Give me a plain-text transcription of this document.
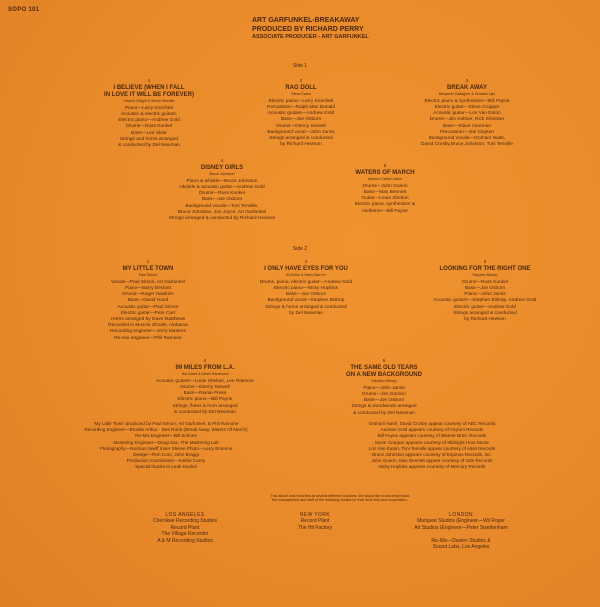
SOPO 101
ART GARFUNKEL-BREAKAWAY
PRODUCED BY RICHARD PERRY
ASSOCIATE PRODUCER - ART GARFUNKEL
Side 1
Side 2
1
I BELIEVE (WHEN I FALL
IN LOVE IT WILL BE FOREVER)
Yvonne Wright & Stevie Wonder
Piano—Larry Knechtel
Acoustic & electric guitars,
Electric piano—Andrew Gold
Drums—Russ Kunkel
Bass—Lee Sklar
Strings and horns arranged
& conducted by Del Newman
2
RAG DOLL
Steve Eaton
Electric piano—Larry Knechtel
Percussion—Ralph Mac Donald
Acoustic guitars—Andrew Gold
Bass—Joe Osborn
Drums—Denny Seiwell
Background vocal—John Jarvis
Strings arranged & conducted
by Richard Hewson
3
BREAK AWAY
Benjamin Gallagher & Graham Lyle
Electric piano & synthesizer—Bill Payne
Electric guitar—Steve Cropper
Acoustic guitar—Lon Van Eaton
Drums—Jim Keltner, Rick Shlosser
Bass—Klaus Voorman
Percussion—Joe Clayton
Background vocals—Graham Nash,
David Crosby,Bruce Johnston, Toni Tennille
4
DISNEY GIRLS
Bruce Johnston
Piano & whistle—Bruce Johnston
Ukelele & acoustic guitar—Andrew Gold
Drums—Russ Kunkel
Bass—Joe Osborn
Background vocals—Toni Tennille,
Bruce Johnston, Jon Joyce, Art Garfunkel
Strings arranged & conducted by Richard Hewson
5
WATERS OF MARCH
Antonio Carlos Jobim
Drums—John Guerin
Bass—Max Bennett
Guitar—Louie Shelton
Electric piano, synthesizer &
mellotron—Bill Payne
1
MY LITTLE TOWN
Paul Simon
Vocals—Paul Simon, Art Garfunkel
Piano—Barry Beckett
Drums—Roger Hawkins
Bass—David Hood
Acoustic guitar—Paul Simon
Electric guitar—Pete Carr
Horns arranged by Dave Matthews
Recorded in Muscle Shoals, Alabama
Recording engineer—Jerry Masters
Re-mix engineer—Phil Ramone
2
I ONLY HAVE EYES FOR YOU
Al Dubin & Harry Warren
Drums, piano, electric guitar—Andrew Gold
Electric piano—Nicky Hopkins
Bass—Joe Osborn
Background vocal—Stephen Bishop
Strings & horns arranged & conducted
by Del Newman
3
LOOKING FOR THE RIGHT ONE
Stephen Bishop
Drums—Russ Kunkel
Bass—Joe Osborn
Piano—John Jarvis
Acoustic guitars—Stephen Bishop, Andrew Gold
Electric guitar—Andrew Gold
Strings arranged & conducted
by Richard Hewson
4
99 MILES FROM L.A.
Hal David & Albert Hammond
Acoustic guitars—Louie Shelton, Lee Ritenour
Drums—Denny Seiwell
Bass—Reinie Press
Electric piano—Bill Payne
Strings, flutes & horn arranged
& conducted by Del Newman
5
THE SAME OLD TEARS
ON A NEW BACKGROUND
Stephen Bishop
Piano—John Jarvis
Drums—Jim Gordon
Bass—Joe Osborn
Strings & woodwinds arranged
& conducted by Del Newman
'My Little Town' produced by Paul Simon, Art Garfunkel, & Phil Ramone
Recording Engineer—Brooks Arthur · Dee Robb (Break Away, Waters Of March)
Re-Mix Engineer—Bill Schnee
Mastering Engineer—Doug Sax, The Mastering Lab
Photography—Norman Seeff Inner Sleeve Photo—Larry Emerine
Design—Ron Coro, John Braggi
Production Coordinator—Kathie Carey
Special thanks to Leah Kunkel
Graham Nash, David Crosby appear courtesy of ABC Records
Andrew Gold appears courtesy of Asylum Records
Bill Payne appears courtesy of Warner Bros. Records
Steve Cropper appears courtesy of Midnight Hour Music
Lon Van Eaton, Toni Tennille appear courtesy of A&M Records
Bruce Johnston appears courtesy of Equinox Records, Inc.
John Guerin, Max Bennett appear courtesy of Ode Records
Nicky Hopkins appears courtesy of Mercury Records
This album was recorded at several different locations. We would like to sincerely thank the management and staff of the following studios for their kind help and cooperation.
LOS ANGELES
Cherokee Recording Studios
Record Plant
The Village Recorder
A & M Recording Studios
NEW YORK
Record Plant
The Hit Factory
LONDON
Marquee Studios (Engineer—Wil Roper
Air Studios (Engineer—Peter Swettenham

Re-Mix—Davlen Studios &
Sound Labs, Los Angeles
